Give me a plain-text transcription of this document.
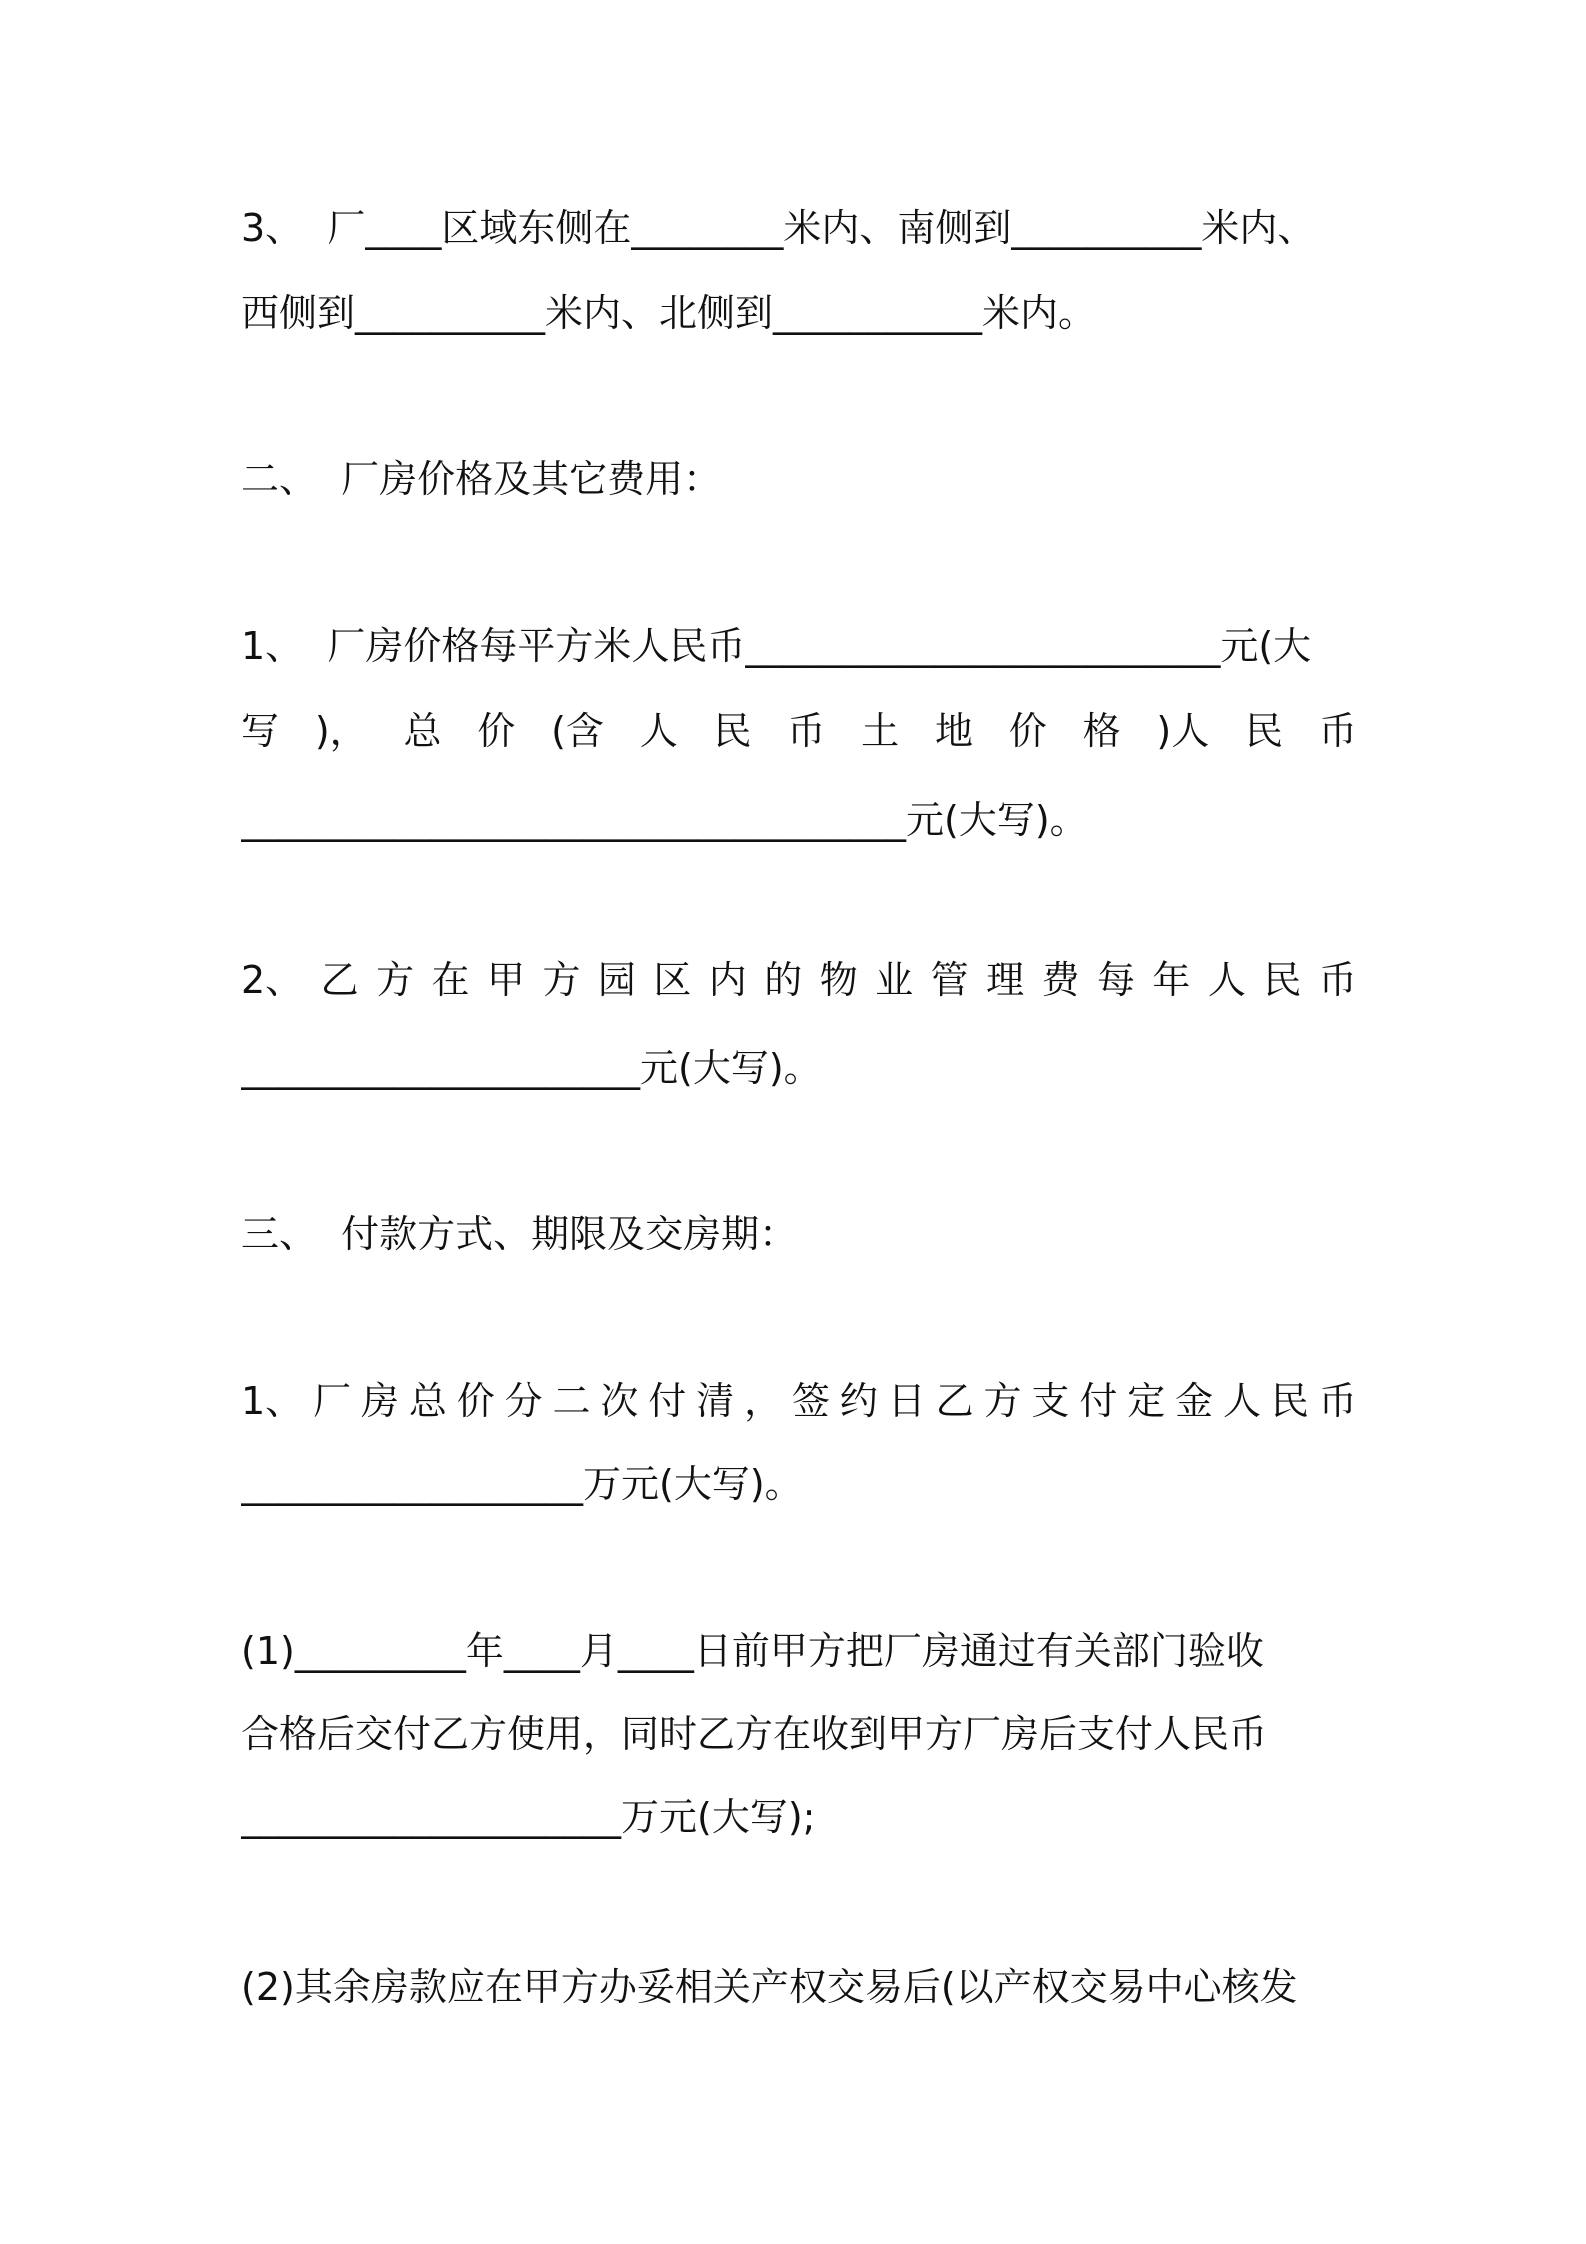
3、  厂____区域东侧在________米内、南侧到__________米内、
西侧到__________米内、北侧到___________米内。
二、  厂房价格及其它费用：
1、  厂房价格每平方米人民币_________________________元(大
写 )， 总 价 (含 人 民 币 土 地 价 格 )人 民 币
___________________________________元(大写)。
2、 乙 方 在 甲 方 园 区 内 的 物 业 管 理 费 每 年 人 民 币
_____________________元(大写)。
三、  付款方式、期限及交房期：
1、 厂 房 总 价 分 二 次 付 清 ， 签 约 日 乙 方 支 付 定 金 人 民 币
__________________万元(大写)。
(1)_________年____月____日前甲方把厂房通过有关部门验收
合格后交付乙方使用，同时乙方在收到甲方厂房后支付人民币
____________________万元(大写);
(2)其余房款应在甲方办妥相关产权交易后(以产权交易中心核发
